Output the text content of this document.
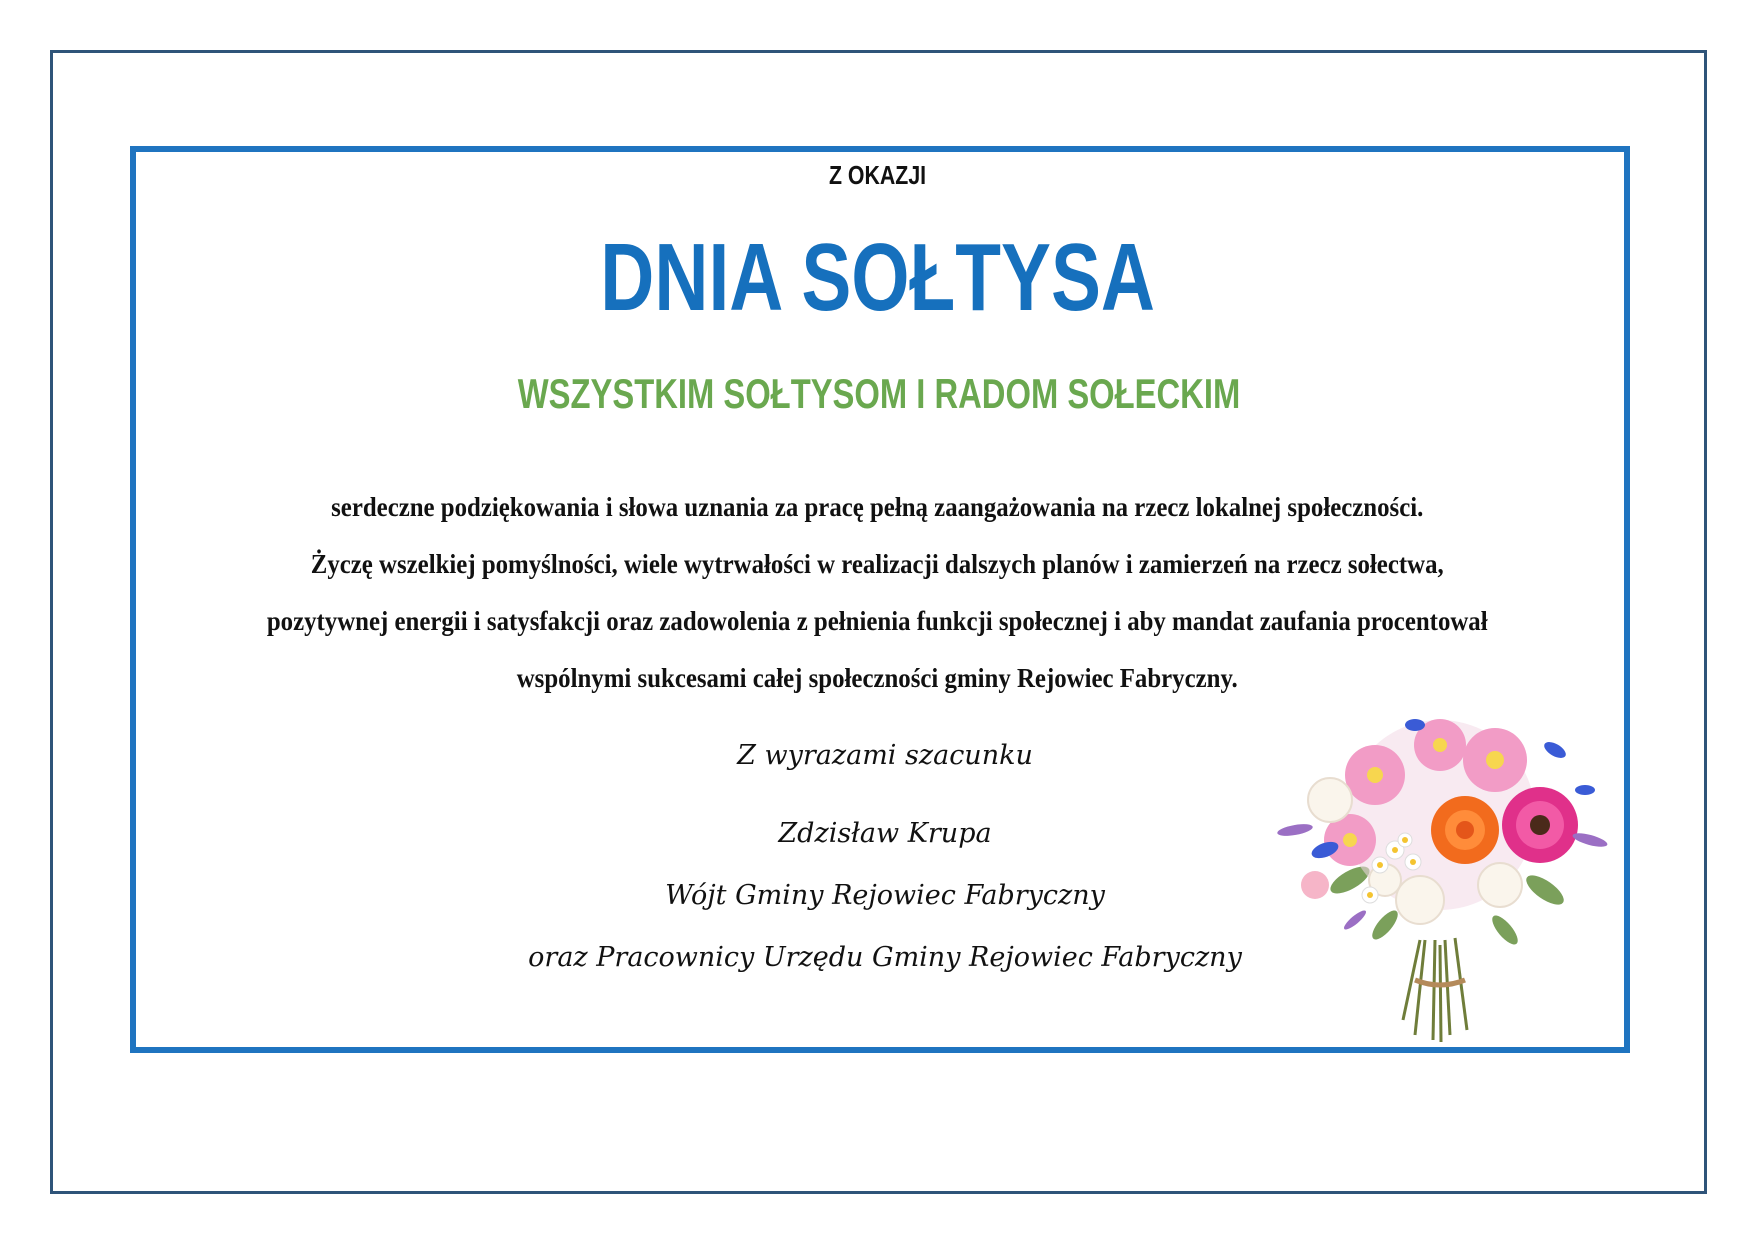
Z OKAZJI
DNIA SOŁTYSA
WSZYSTKIM SOŁTYSOM I RADOM SOŁECKIM
serdeczne podziękowania i słowa uznania za pracę pełną zaangażowania na rzecz lokalnej społeczności.
Życzę wszelkiej pomyślności, wiele wytrwałości w realizacji dalszych planów i zamierzeń na rzecz sołectwa,
pozytywnej energii i satysfakcji oraz zadowolenia z pełnienia funkcji społecznej i aby mandat zaufania procentował
wspólnymi sukcesami całej społeczności gminy Rejowiec Fabryczny.
Z wyrazami szacunku
Zdzisław Krupa
Wójt Gminy Rejowiec Fabryczny
oraz Pracownicy Urzędu Gminy Rejowiec Fabryczny
